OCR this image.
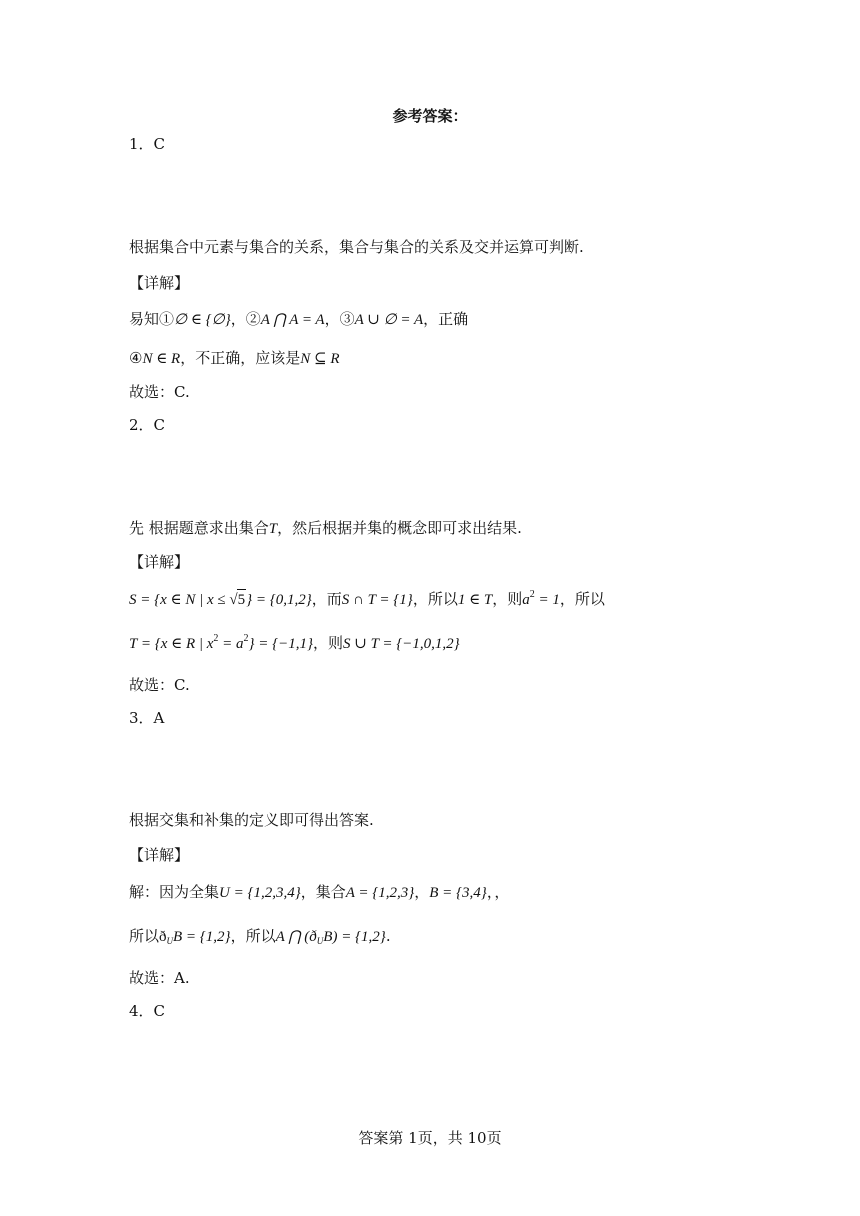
参考答案：
1．C
根据集合中元素与集合的关系，集合与集合的关系及交并运算可判断.
【详解】
易知①∅ ∈ {∅}，②A ⋂ A = A，③A ∪ ∅ = A，正确
④N ∈ R，不正确，应该是N ⊆ R
故选：C.
2．C
先 根据题意求出集合T，然后根据并集的概念即可求出结果.
【详解】
S = {x ∈ N | x ≤ √5} = {0,1,2}，而S ∩ T = {1}，所以1 ∈ T，则$a^2 = 1$，所以
T = {x ∈ R | $x^2 = a^2\} = \{-1,1\}$，则S ∪ T = {−1,0,1,2}
故选：C.
3．A
根据交集和补集的定义即可得出答案.
【详解】
解：因为全集U = {1,2,3,4}，集合A = {1,2,3}，B = {3,4}，，
所以$ð_UB = \{1,2\}$，所以A ⋂ $(ð_UB) = \{1,2\}$.
故选：A.
4．C
答案第 1页，共 10页
